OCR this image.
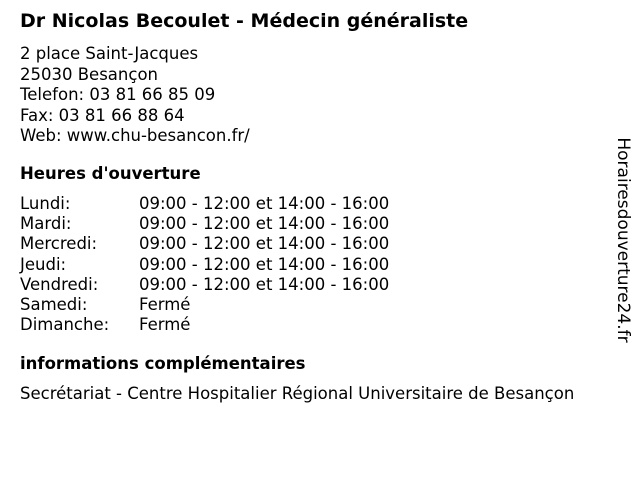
Dr Nicolas Becoulet - Médecin généraliste
2 place Saint-Jacques
25030 Besançon
Telefon: 03 81 66 85 09
Fax: 03 81 66 88 64
Web: www.chu-besancon.fr/
Heures d'ouverture
Lundi:	09:00 - 12:00 et 14:00 - 16:00
Mardi:	09:00 - 12:00 et 14:00 - 16:00
Mercredi:	09:00 - 12:00 et 14:00 - 16:00
Jeudi:	09:00 - 12:00 et 14:00 - 16:00
Vendredi: 09:00 - 12:00 et 14:00 - 16:00
Samedi:	Fermé
Dimanche: Fermé
informations complémentaires
Secrétariat - Centre Hospitalier Régional Universitaire de Besançon
Horairesdouverture24.fr
